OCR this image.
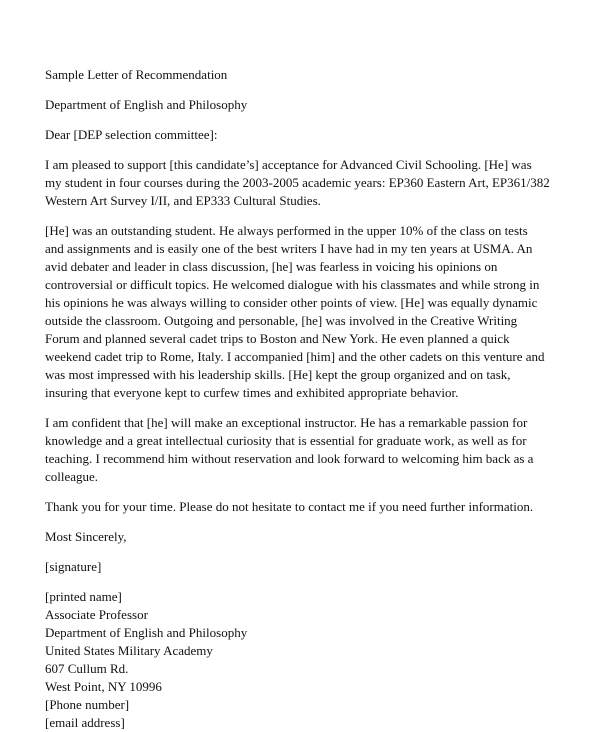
Sample Letter of Recommendation

Department of English and Philosophy

Dear [DEP selection committee]:

I am pleased to support [this candidate’s] acceptance for Advanced Civil Schooling. [He] was
my student in four courses during the 2003-2005 academic years: EP360 Eastern Art, EP361/382
Western Art Survey I/II, and EP333 Cultural Studies.
[He] was an outstanding student. He always performed in the upper 10% of the class on tests
and assignments and is easily one of the best writers I have had in my ten years at USMA. An
avid debater and leader in class discussion, [he] was fearless in voicing his opinions on
controversial or difficult topics. He welcomed dialogue with his classmates and while strong in
his opinions he was always willing to consider other points of view. [He] was equally dynamic
outside the classroom. Outgoing and personable, [he] was involved in the Creative Writing
Forum and planned several cadet trips to Boston and New York. He even planned a quick
weekend cadet trip to Rome, Italy. I accompanied [him] and the other cadets on this venture and
was most impressed with his leadership skills. [He] kept the group organized and on task,
insuring that everyone kept to curfew times and exhibited appropriate behavior.
I am confident that [he] will make an exceptional instructor. He has a remarkable passion for
knowledge and a great intellectual curiosity that is essential for graduate work, as well as for
teaching. I recommend him without reservation and look forward to welcoming him back as a
colleague.
Thank you for your time. Please do not hesitate to contact me if you need further information.

Most Sincerely,

[signature]

[printed name]
Associate Professor
Department of English and Philosophy
United States Military Academy
607 Cullum Rd.
West Point, NY 10996
[Phone number]
[email address]
